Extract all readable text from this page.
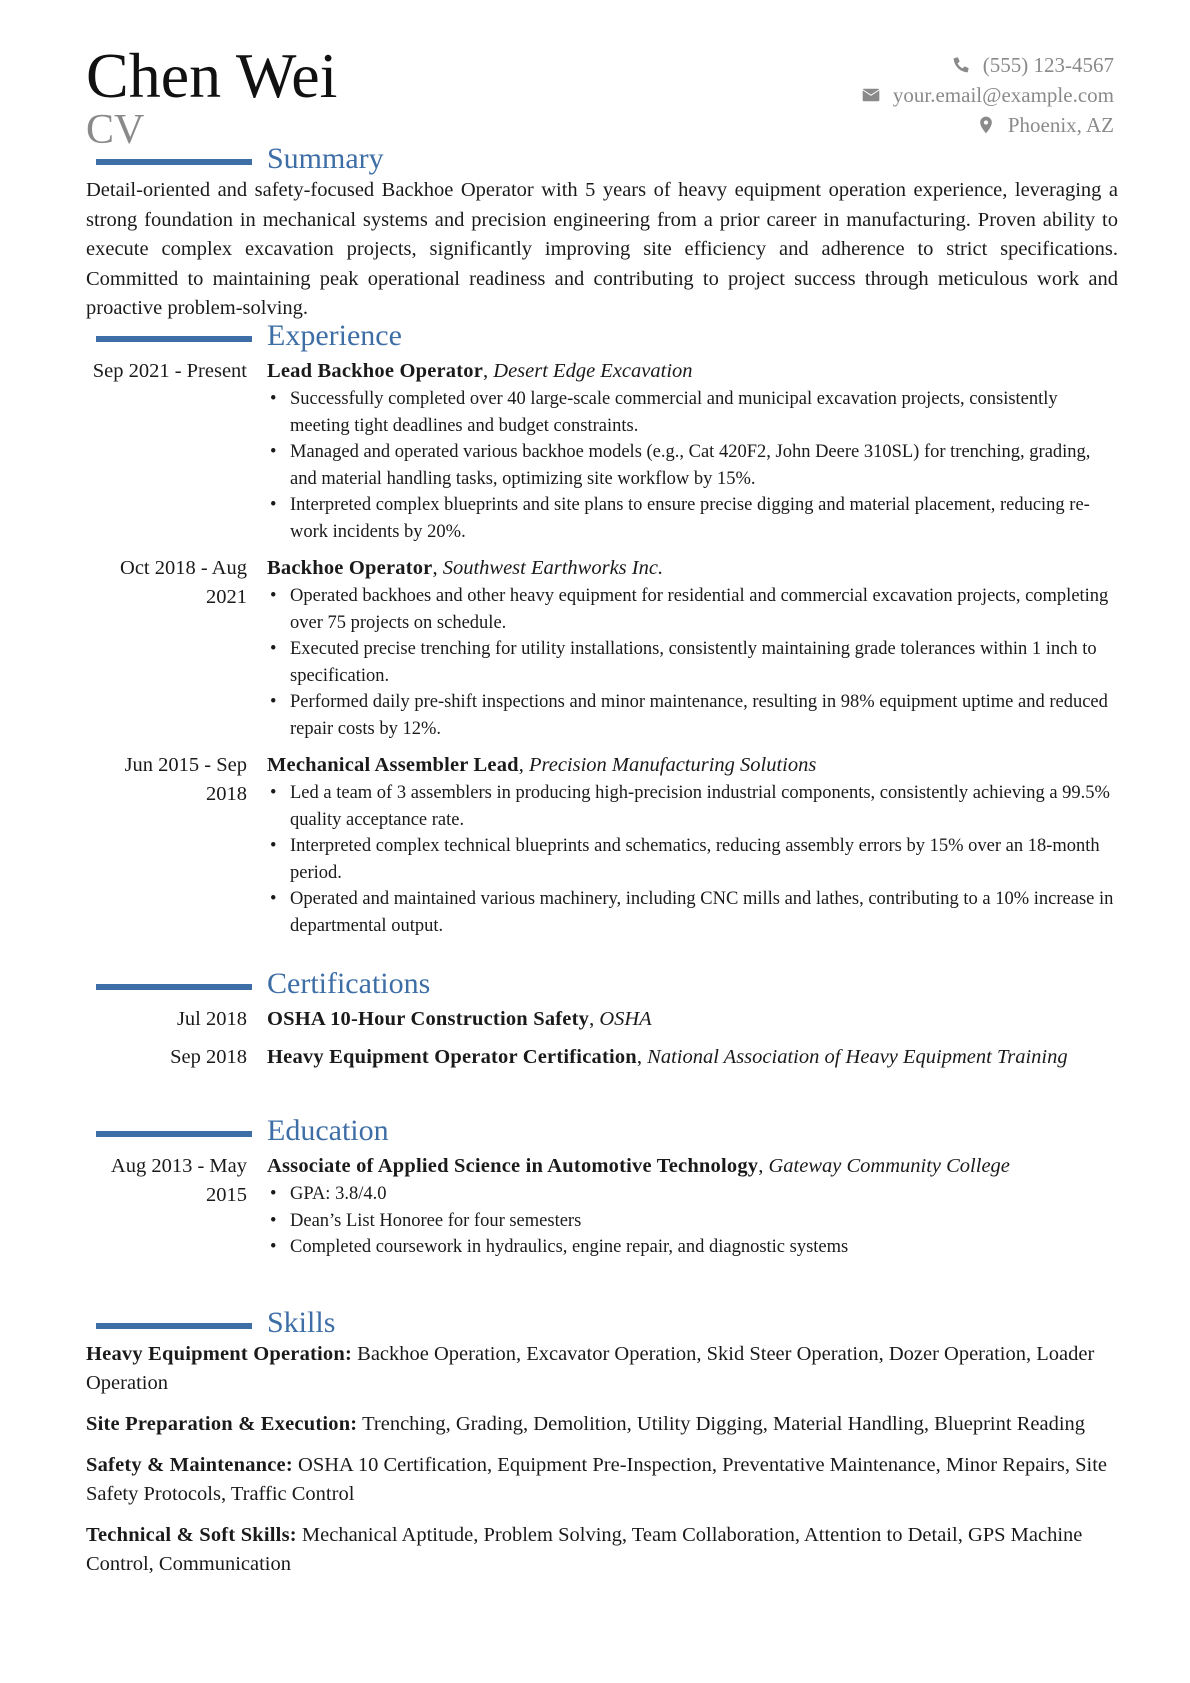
Chen Wei
CV
(555) 123-4567
your.email@example.com
Phoenix, AZ
Summary
Detail-oriented and safety-focused Backhoe Operator with 5 years of heavy equipment operation experience, leveraging a strong foundation in mechanical systems and precision engineering from a prior career in manufacturing. Proven ability to execute complex excavation projects, significantly improving site efficiency and adherence to strict specifications. Committed to maintaining peak operational readiness and contributing to project success through meticulous work and proactive problem-solving.
Experience
Sep 2021 - Present Lead Backhoe Operator, Desert Edge Excavation
• Successfully completed over 40 large-scale commercial and municipal excavation projects, consistently meeting tight deadlines and budget constraints.
• Managed and operated various backhoe models (e.g., Cat 420F2, John Deere 310SL) for trenching, grading, and material handling tasks, optimizing site workflow by 15%.
• Interpreted complex blueprints and site plans to ensure precise digging and material placement, reducing re-work incidents by 20%.
Oct 2018 - Aug 2021
Backhoe Operator, Southwest Earthworks Inc.
• Operated backhoes and other heavy equipment for residential and commercial excavation projects, completing over 75 projects on schedule.
• Executed precise trenching for utility installations, consistently maintaining grade tolerances within 1 inch to specification.
• Performed daily pre-shift inspections and minor maintenance, resulting in 98% equipment uptime and reduced repair costs by 12%.
Jun 2015 - Sep 2018
Mechanical Assembler Lead, Precision Manufacturing Solutions
• Led a team of 3 assemblers in producing high-precision industrial components, consistently achieving a 99.5% quality acceptance rate.
• Interpreted complex technical blueprints and schematics, reducing assembly errors by 15% over an 18-month period.
• Operated and maintained various machinery, including CNC mills and lathes, contributing to a 10% increase in departmental output.
Certifications
Jul 2018 OSHA 10-Hour Construction Safety, OSHA
Sep 2018 Heavy Equipment Operator Certification, National Association of Heavy Equipment Training
Education
Aug 2013 - May 2015
Associate of Applied Science in Automotive Technology, Gateway Community College
• GPA: 3.8/4.0
• Dean’s List Honoree for four semesters
• Completed coursework in hydraulics, engine repair, and diagnostic systems
Skills
Heavy Equipment Operation: Backhoe Operation, Excavator Operation, Skid Steer Operation, Dozer Operation, Loader Operation
Site Preparation & Execution: Trenching, Grading, Demolition, Utility Digging, Material Handling, Blueprint Reading
Safety & Maintenance: OSHA 10 Certification, Equipment Pre-Inspection, Preventative Maintenance, Minor Repairs, Site Safety Protocols, Traffic Control
Technical & Soft Skills: Mechanical Aptitude, Problem Solving, Team Collaboration, Attention to Detail, GPS Machine Control, Communication
